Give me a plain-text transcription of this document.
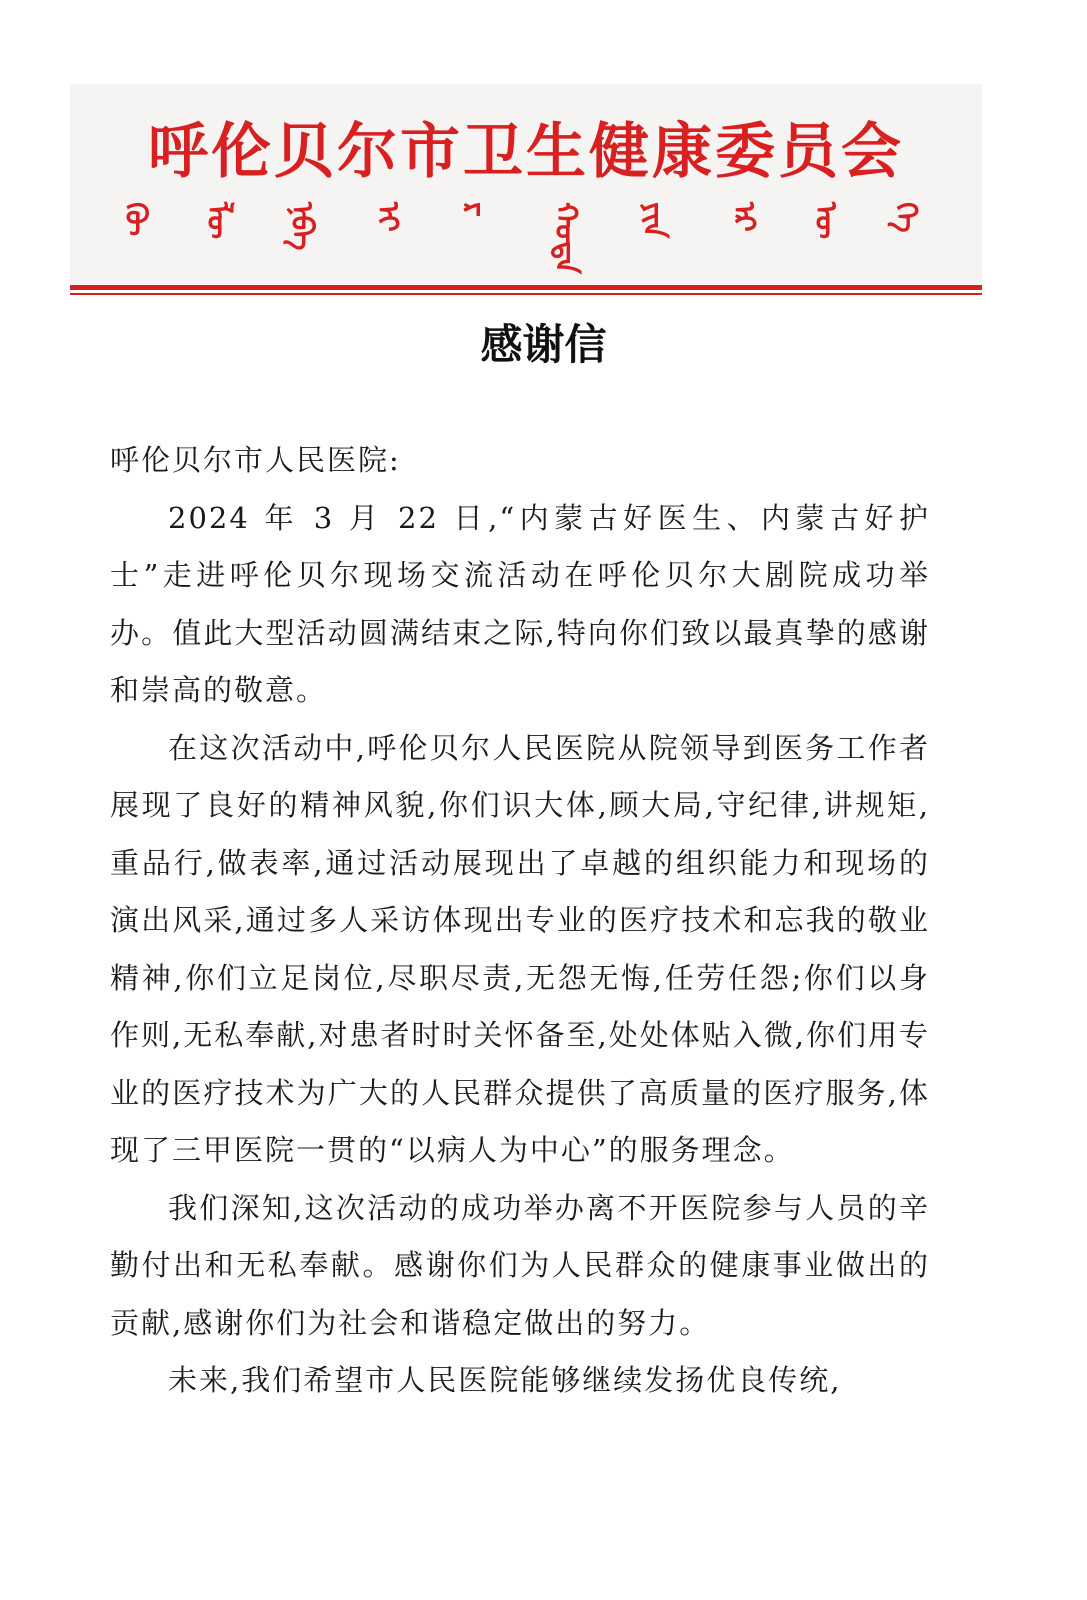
呼伦贝尔市卫生健康委员会
ᠬᠥ ᠯᠦ ᠨᠪᠡ ᠢ ᠷ ᠬᠣᠲᠠ ᠶᠢᠨ ᠡᠷ ᠦ ᠬᠡ
感谢信

呼伦贝尔市人民医院:

2024 年 3 月 22 日,“内蒙古好医生、内蒙古好护士”走进呼伦贝尔现场交流活动在呼伦贝尔大剧院成功举办。值此大型活动圆满结束之际,特向你们致以最真挚的感谢和崇高的敬意。

在这次活动中,呼伦贝尔人民医院从院领导到医务工作者展现了良好的精神风貌,你们识大体,顾大局,守纪律,讲规矩,重品行,做表率,通过活动展现出了卓越的组织能力和现场的演出风采,通过多人采访体现出专业的医疗技术和忘我的敬业精神,你们立足岗位,尽职尽责,无怨无悔,任劳任怨;你们以身作则,无私奉献,对患者时时关怀备至,处处体贴入微,你们用专业的医疗技术为广大的人民群众提供了高质量的医疗服务,体现了三甲医院一贯的“以病人为中心”的服务理念。

我们深知,这次活动的成功举办离不开医院参与人员的辛勤付出和无私奉献。感谢你们为人民群众的健康事业做出的贡献,感谢你们为社会和谐稳定做出的努力。

未来,我们希望市人民医院能够继续发扬优良传统,
